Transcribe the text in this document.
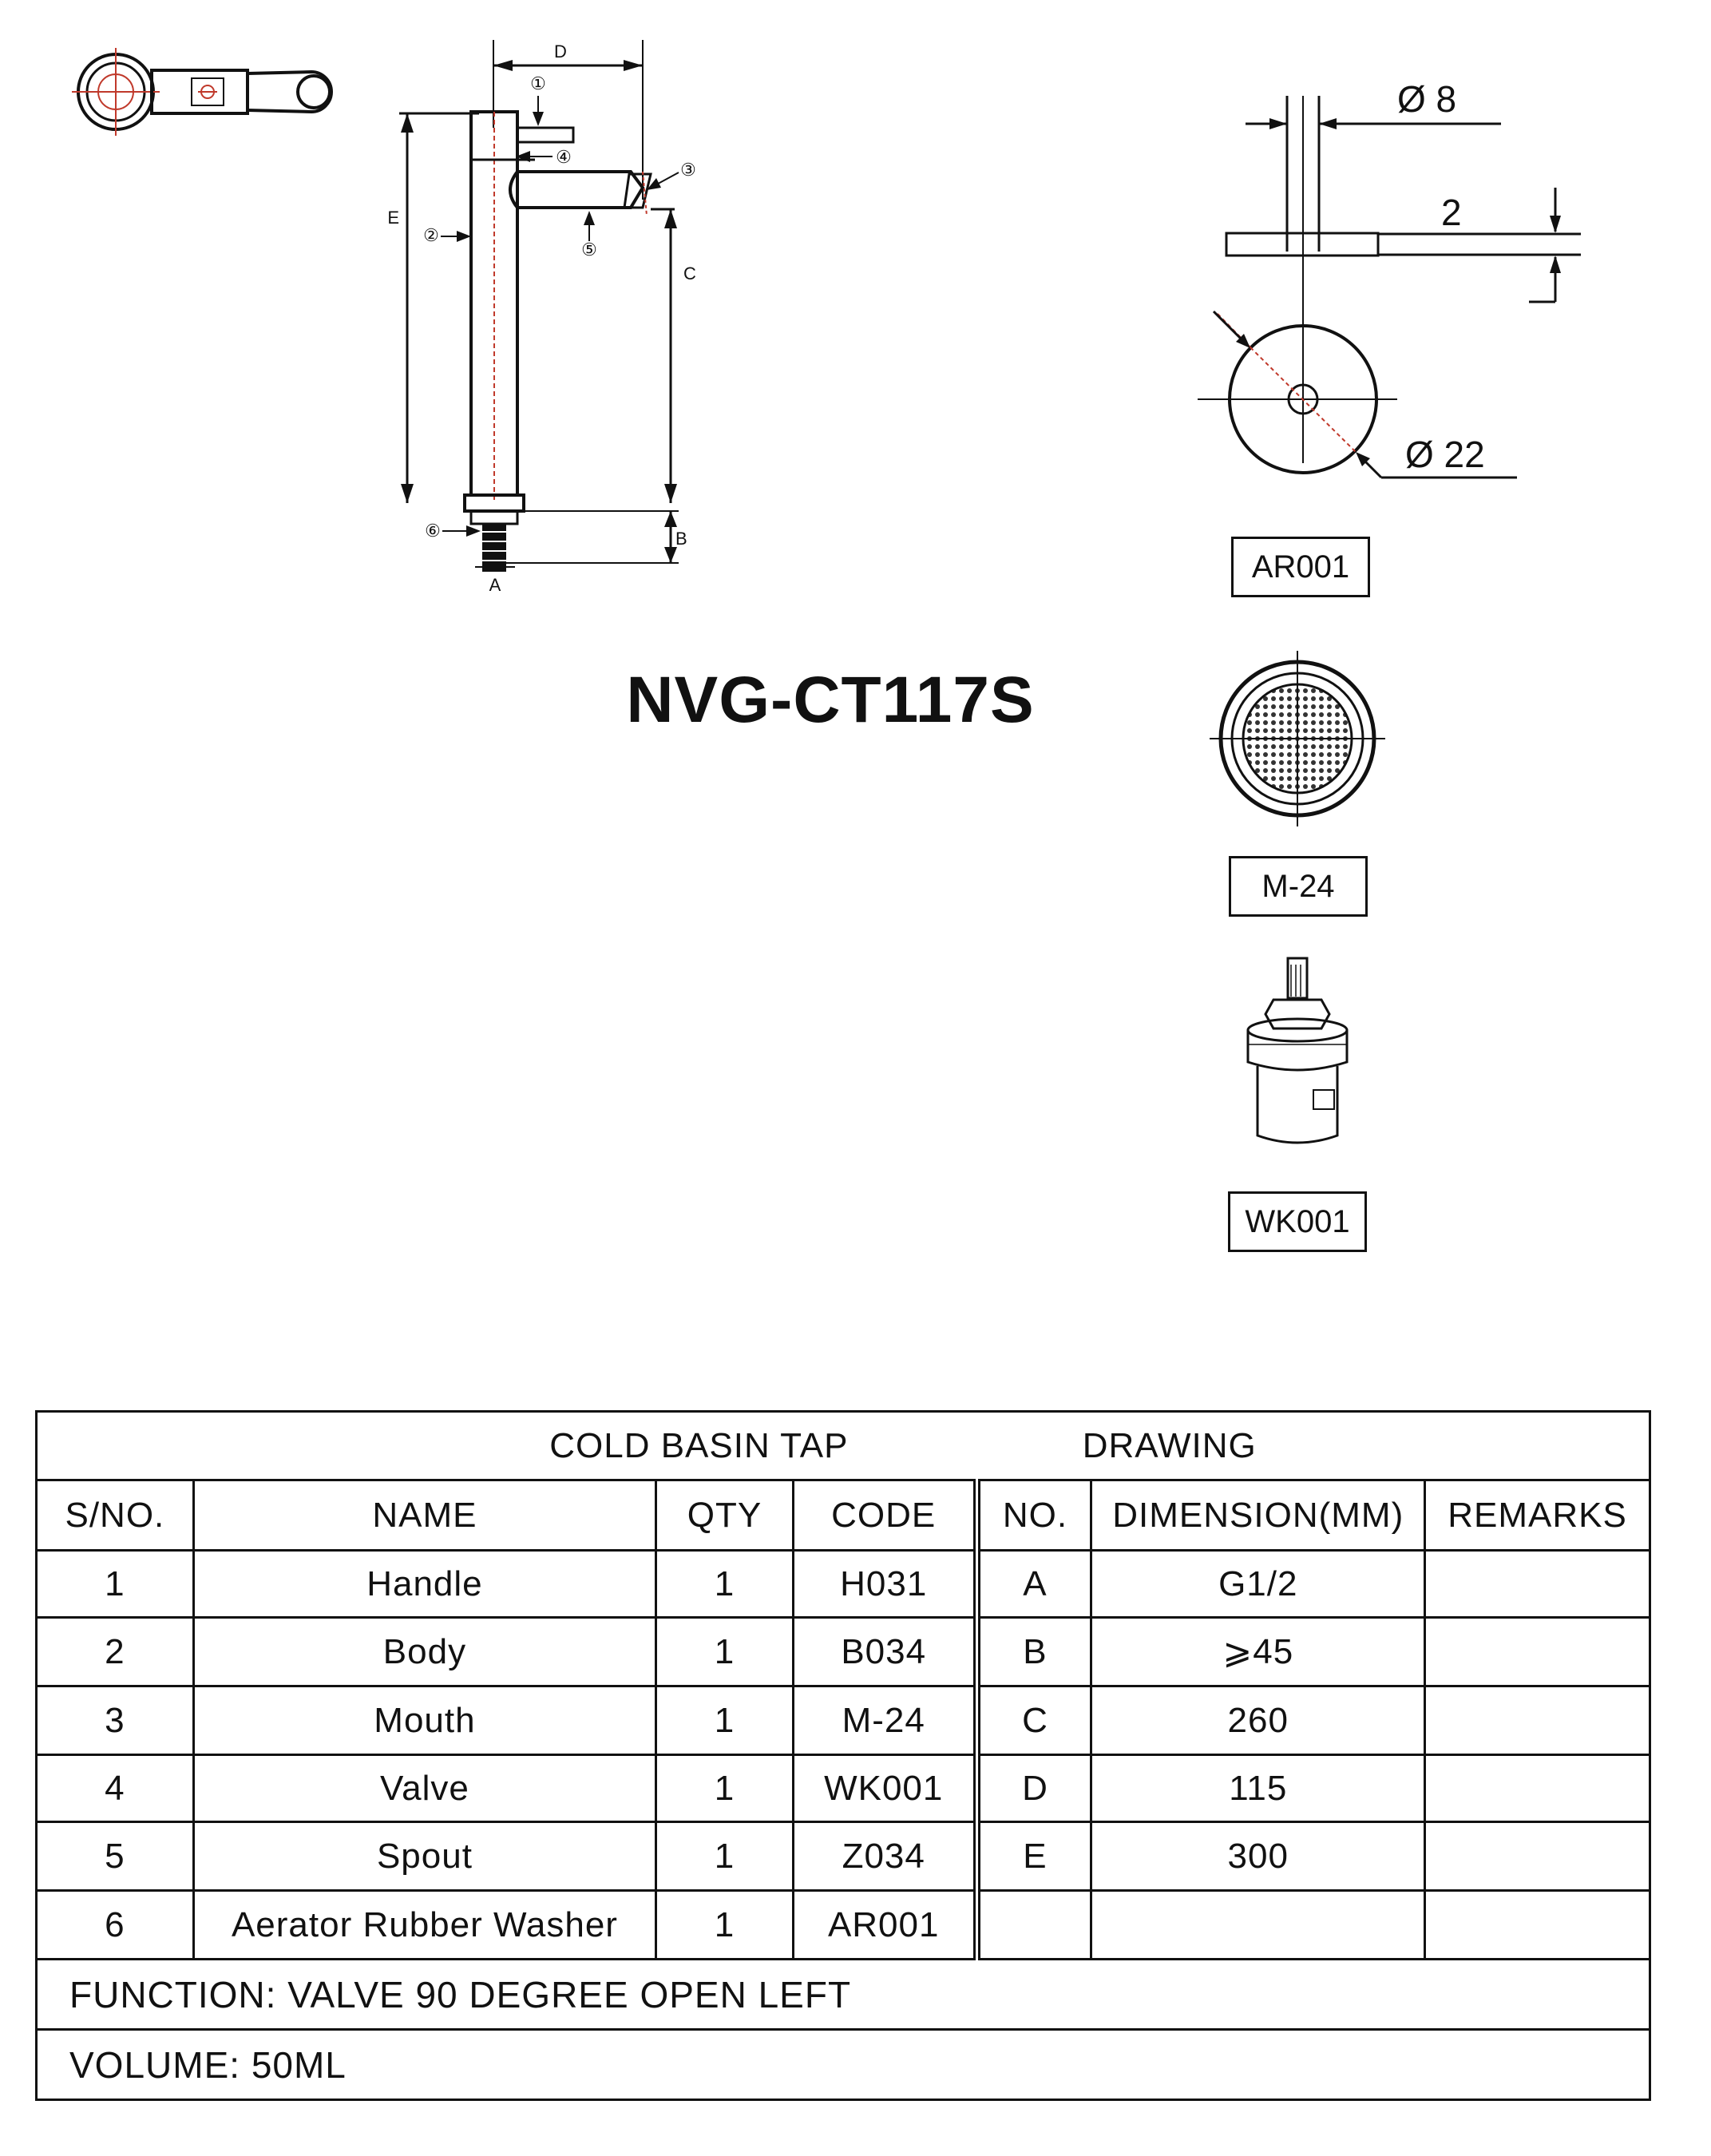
D
E
C
B
A
①
④
③
②
⑤
⑥
NVG-CT117S
Ø 8
2
Ø 22
AR001
M-24
WK001
COLD BASIN TAP DRAWING						
S/NO.	NAME	QTY	CODE	NO.	DIMENSION(MM)	REMARKS
1	Handle	1	H031	A	G1/2	
2	Body	1	B034	B	⩾45	
3	Mouth	1	M-24	C	260	
4	Valve	1	WK001	D	115	
5	Spout	1	Z034	E	300	
6	Aerator Rubber Washer	1	AR001			
FUNCTION: VALVE 90 DEGREE OPEN LEFT						
VOLUME: 50ML						
